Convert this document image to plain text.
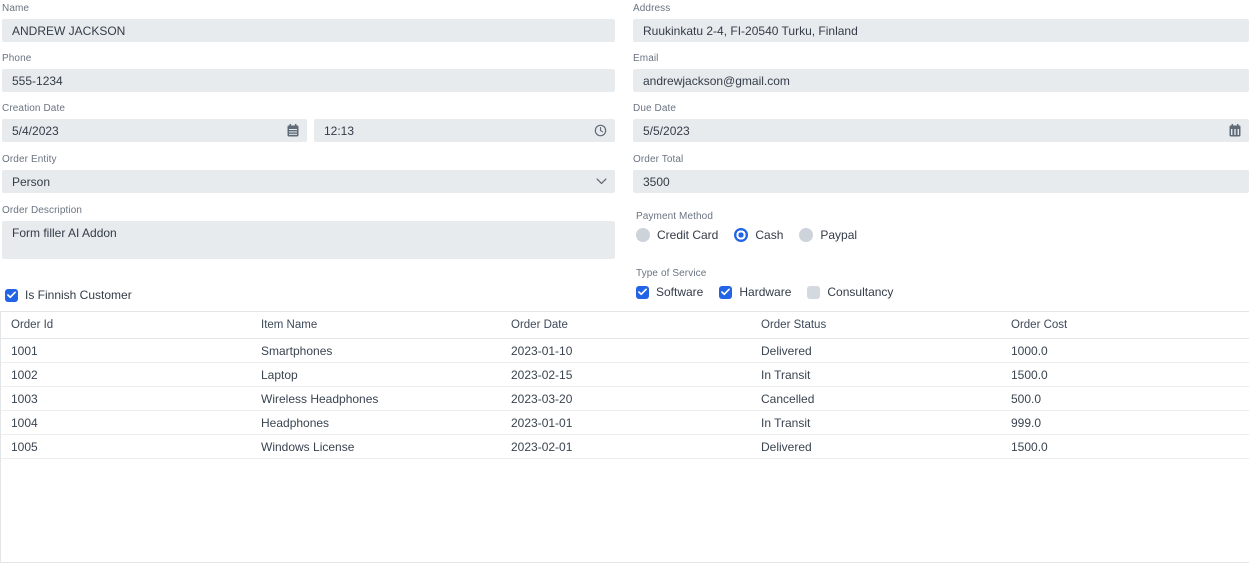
Name
ANDREW JACKSON	Address
Ruukinkatu 2-4, FI-20540 Turku, Finland
Phone
555-1234	Email
andrewjackson@gmail.com
Creation Date
5/4/2023	12:13
Due Date
5/5/2023
Order Entity
Person
Order Total
3500
Order Description
Form filler AI Addon
Payment Method
Credit Card	Cash	Paypal
Is Finnish Customer
Type of Service
Software	Hardware	Consultancy
Order Id	Item Name	Order Date	Order Status	Order Cost
1001	Smartphones	2023-01-10	Delivered	1000.0
1002	Laptop	2023-02-15	In Transit	1500.0
1003	Wireless Headphones	2023-03-20	Cancelled	500.0
1004	Headphones	2023-01-01	In Transit	999.0
1005	Windows License	2023-02-01	Delivered	1500.0
